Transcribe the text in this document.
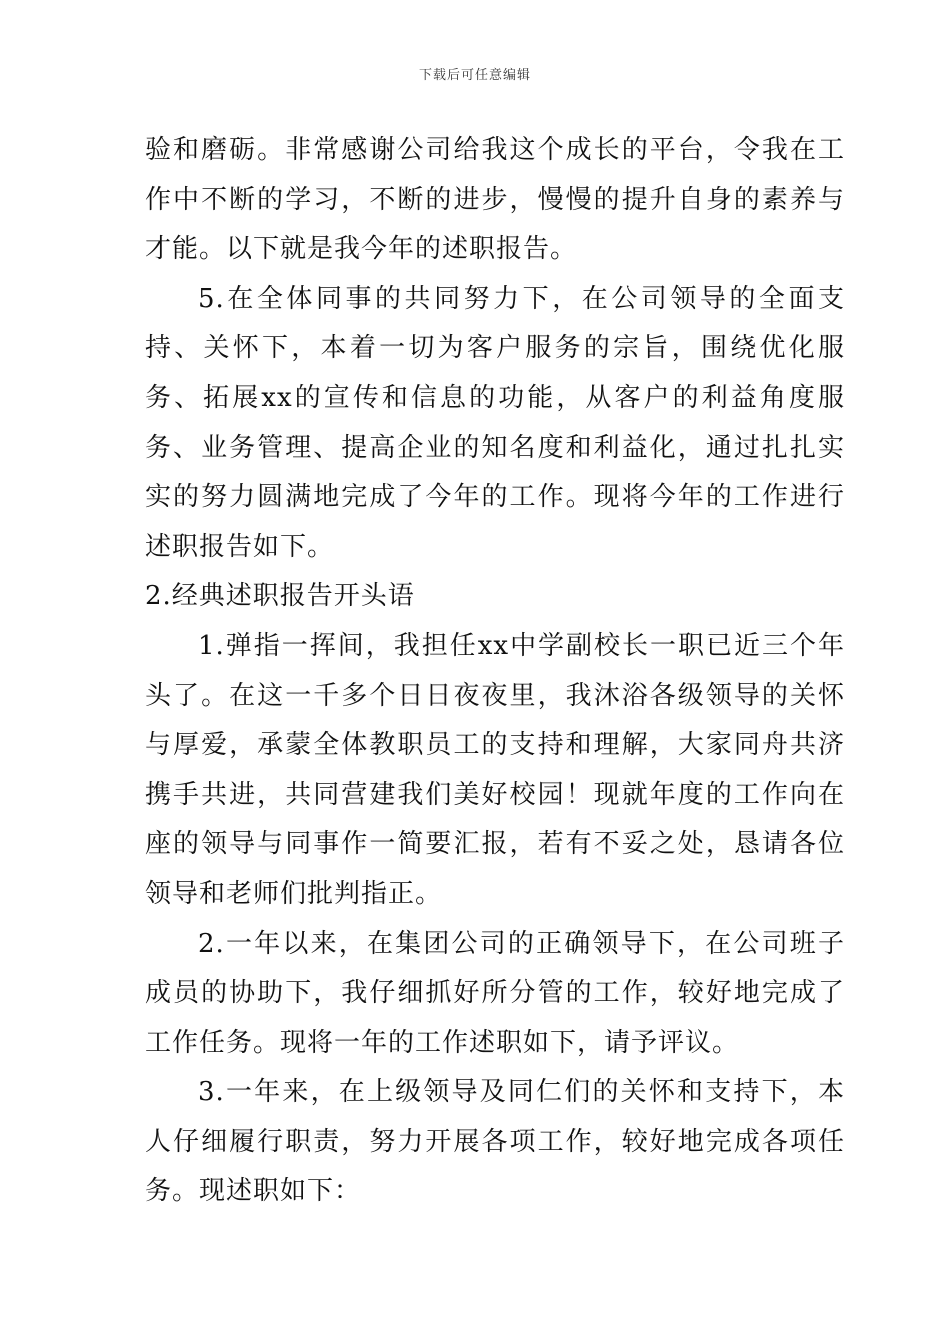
下载后可任意编辑

验和磨砺。非常感谢公司给我这个成长的平台，令我在工作中不断的学习，不断的进步，慢慢的提升自身的素养与才能。以下就是我今年的述职报告。

5.在全体同事的共同努力下，在公司领导的全面支持、关怀下，本着一切为客户服务的宗旨，围绕优化服务、拓展xx的宣传和信息的功能，从客户的利益角度服务、业务管理、提高企业的知名度和利益化，通过扎扎实实的努力圆满地完成了今年的工作。现将今年的工作进行述职报告如下。

2.经典述职报告开头语

1.弹指一挥间，我担任xx中学副校长一职已近三个年头了。在这一千多个日日夜夜里，我沐浴各级领导的关怀与厚爱，承蒙全体教职员工的支持和理解，大家同舟共济携手共进，共同营建我们美好校园！现就年度的工作向在座的领导与同事作一简要汇报，若有不妥之处，恳请各位领导和老师们批判指正。

2.一年以来，在集团公司的正确领导下，在公司班子成员的协助下，我仔细抓好所分管的工作，较好地完成了工作任务。现将一年的工作述职如下，请予评议。

3.一年来，在上级领导及同仁们的关怀和支持下，本人仔细履行职责，努力开展各项工作，较好地完成各项任务。现述职如下：
